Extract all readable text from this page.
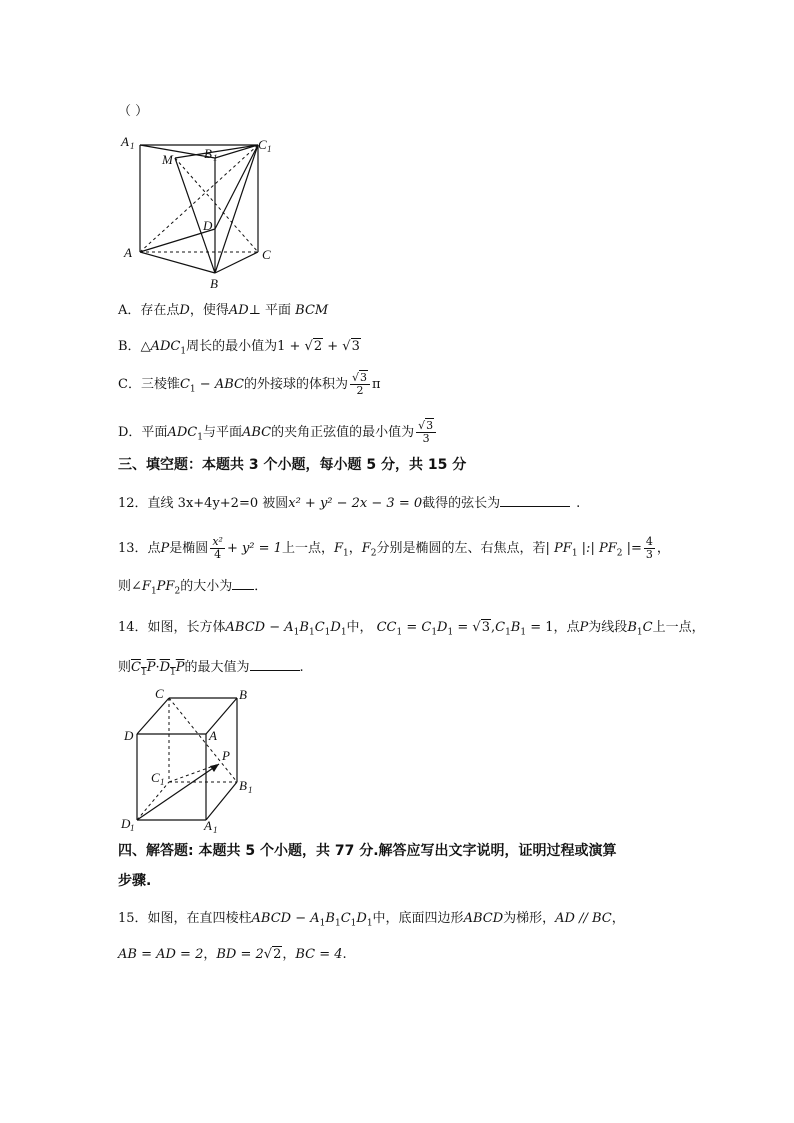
（ ）
A 1
M B 1
C 1
D
A	C
B
A．存在点D，使得AD⊥ 平面 BCM
B．$\triangle ADC_1$周长的最小值为1 + √2 + √3
C．三棱锥$C_1$ − ABC的外接球的体积为 $\frac{√3}{2}$ π
D．平面$ADC_1$与平面ABC的夹角正弦值的最小值为 $\frac{√3}{3}$
三、填空题：本题共 3 个小题，每小题 5 分，共 15 分
12．直线 3x+4y+2=0 被圆x² + y² − 2x − 3 = 0截得的弦长为	.
13．点P是椭圆 $\frac{\text{x²}}{4} + y^2 = 1$上一点，$F_1$，$F_2$分别是椭圆的左、右焦点，若| $PF_1$ |:| $PF_2$ |= $\frac{4}{3}$ ，
则$\angle F_1PF_2$的大小为 ．
14．如图，长方体ABCD − $A_1B_1C_1D_1$中， $CC_1 = C_1D_1 = √3,C_1B_1 = 1$，点P为线段$B_1C$上一点，
则$C_1P\cdot D_1P$的最大值为	.
C	B
D	A
P
C 1	B 1
D 1	A 1
四、解答题: 本题共 5 个小题，共 77 分.解答应写出文字说明，证明过程或演算
步骤.
15．如图，在直四棱柱ABCD − $A_1B_1C_1D_1$中，底面四边形ABCD为梯形，AD // BC，
AB = AD = 2，BD = 2√2，BC = 4.
